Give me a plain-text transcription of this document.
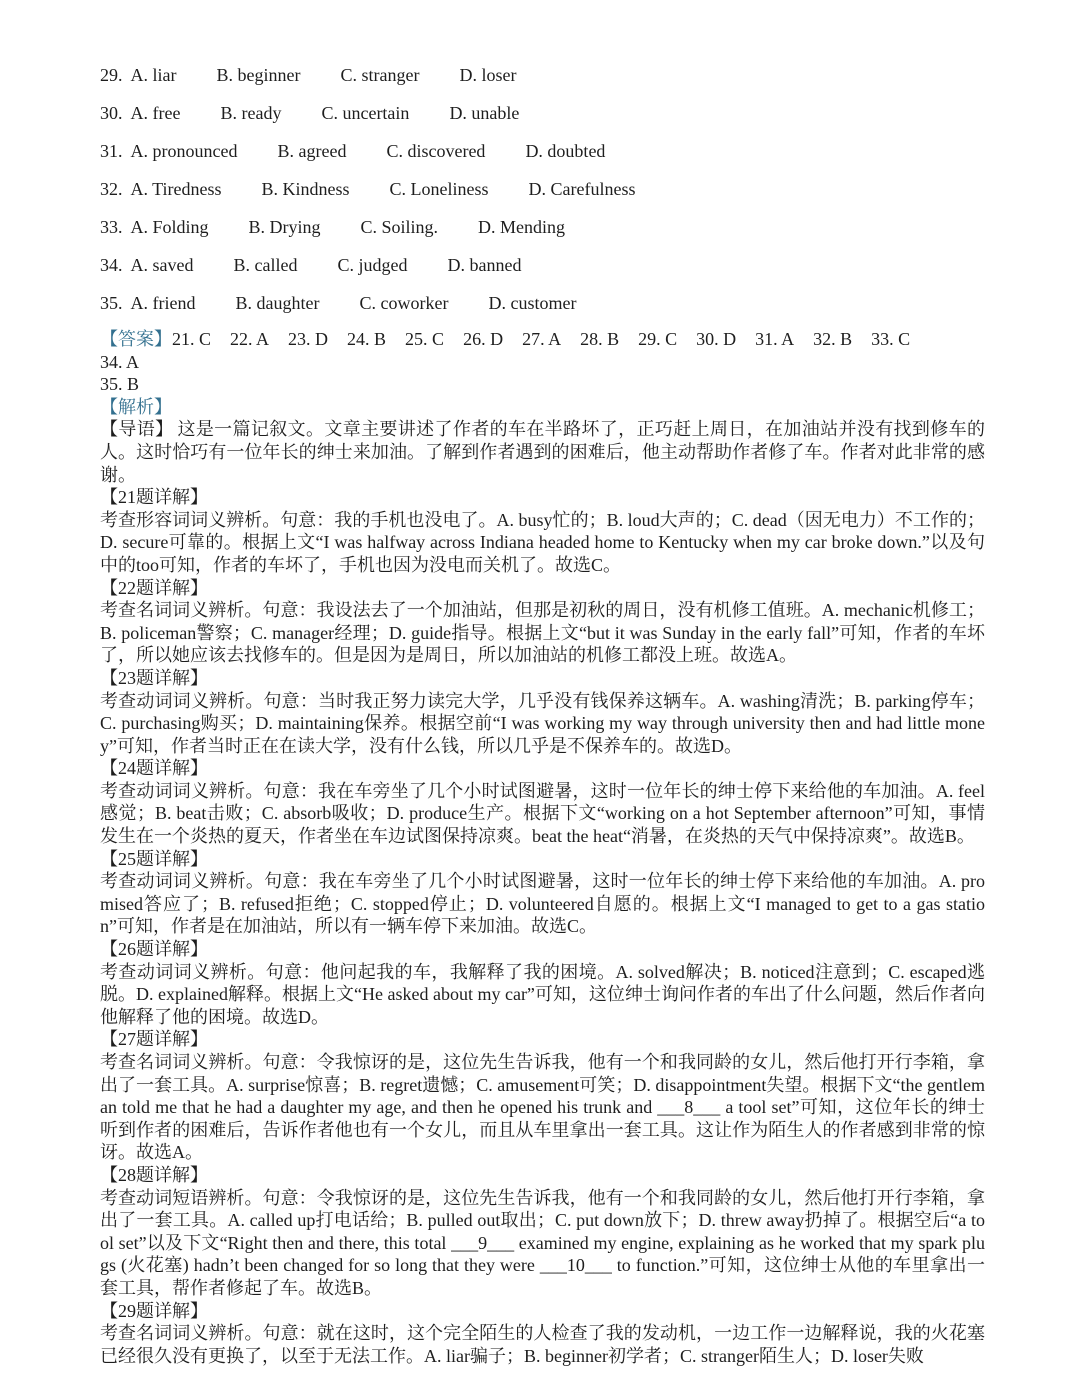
29. A. liar B. beginner C. stranger D. loser
30. A. free B. ready C. uncertain D. unable
31. A. pronounced B. agreed C. discovered D. doubted
32. A. Tiredness B. Kindness C. Loneliness D. Carefulness
33. A. Folding B. Drying C. Soiling. D. Mending
34. A. saved B. called C. judged D. banned
35. A. friend B. daughter C. coworker D. customer

【答案】21. C 22. A 23. D 24. B 25. C 26. D 27. A 28. B 29. C 30. D 31. A 32. B 33. C34. A

35. B

【解析】

【导语】 这是一篇记叙文。文章主要讲述了作者的车在半路坏了，正巧赶上周日，在加油站并没有找到修车的人。这时恰巧有一位年长的绅士来加油。了解到作者遇到的困难后，他主动帮助作者修了车。作者对此非常的感谢。

【21题详解】

考查形容词词义辨析。句意：我的手机也没电了。A. busy忙的；B. loud大声的；C. dead（因无电力）不工作的；D. secure可靠的。根据上文“I was halfway across Indiana headed home to Kentucky when my car broke down.”以及句中的too可知，作者的车坏了，手机也因为没电而关机了。故选C。

【22题详解】

考查名词词义辨析。句意：我设法去了一个加油站，但那是初秋的周日，没有机修工值班。A. mechanic机修工；B. policeman警察；C. manager经理；D. guide指导。根据上文“but it was Sunday in the early fall”可知，作者的车坏了，所以她应该去找修车的。但是因为是周日，所以加油站的机修工都没上班。故选A。

【23题详解】

考查动词词义辨析。句意：当时我正努力读完大学，几乎没有钱保养这辆车。A. washing清洗；B. parking停车；C. purchasing购买；D. maintaining保养。根据空前“I was working my way through university then and had little money”可知，作者当时正在在读大学，没有什么钱，所以几乎是不保养车的。故选D。

【24题详解】

考查动词词义辨析。句意：我在车旁坐了几个小时试图避暑，这时一位年长的绅士停下来给他的车加油。A. feel感觉；B. beat击败；C. absorb吸收；D. produce生产。根据下文“working on a hot September afternoon”可知，事情发生在一个炎热的夏天，作者坐在车边试图保持凉爽。beat the heat“消暑，在炎热的天气中保持凉爽”。故选B。

【25题详解】

考查动词词义辨析。句意：我在车旁坐了几个小时试图避暑，这时一位年长的绅士停下来给他的车加油。A. promised答应了；B. refused拒绝；C. stopped停止；D. volunteered自愿的。根据上文“I managed to get to a gas station”可知，作者是在加油站，所以有一辆车停下来加油。故选C。

【26题详解】

考查动词词义辨析。句意：他问起我的车，我解释了我的困境。A. solved解决；B. noticed注意到；C. escaped逃脱。D. explained解释。根据上文“He asked about my car”可知，这位绅士询问作者的车出了什么问题，然后作者向他解释了他的困境。故选D。

【27题详解】

考查名词词义辨析。句意：令我惊讶的是，这位先生告诉我，他有一个和我同龄的女儿，然后他打开行李箱，拿出了一套工具。A. surprise惊喜；B. regret遗憾；C. amusement可笑；D. disappointment失望。根据下文“the gentleman told me that he had a daughter my age, and then he opened his trunk and ___8___ a tool set”可知，这位年长的绅士听到作者的困难后，告诉作者他也有一个女儿，而且从车里拿出一套工具。这让作为陌生人的作者感到非常的惊讶。故选A。

【28题详解】

考查动词短语辨析。句意：令我惊讶的是，这位先生告诉我，他有一个和我同龄的女儿，然后他打开行李箱，拿出了一套工具。A. called up打电话给；B. pulled out取出；C. put down放下；D. threw away扔掉了。根据空后“a tool set”以及下文“Right then and there, this total ___9___ examined my engine, explaining as he worked that my spark plugs (火花塞) hadn’t been changed for so long that they were ___10___ to function.”可知，这位绅士从他的车里拿出一套工具，帮作者修起了车。故选B。

【29题详解】

考查名词词义辨析。句意：就在这时，这个完全陌生的人检查了我的发动机，一边工作一边解释说，我的火花塞已经很久没有更换了，以至于无法工作。A. liar骗子；B. beginner初学者；C. stranger陌生人；D. loser失败
